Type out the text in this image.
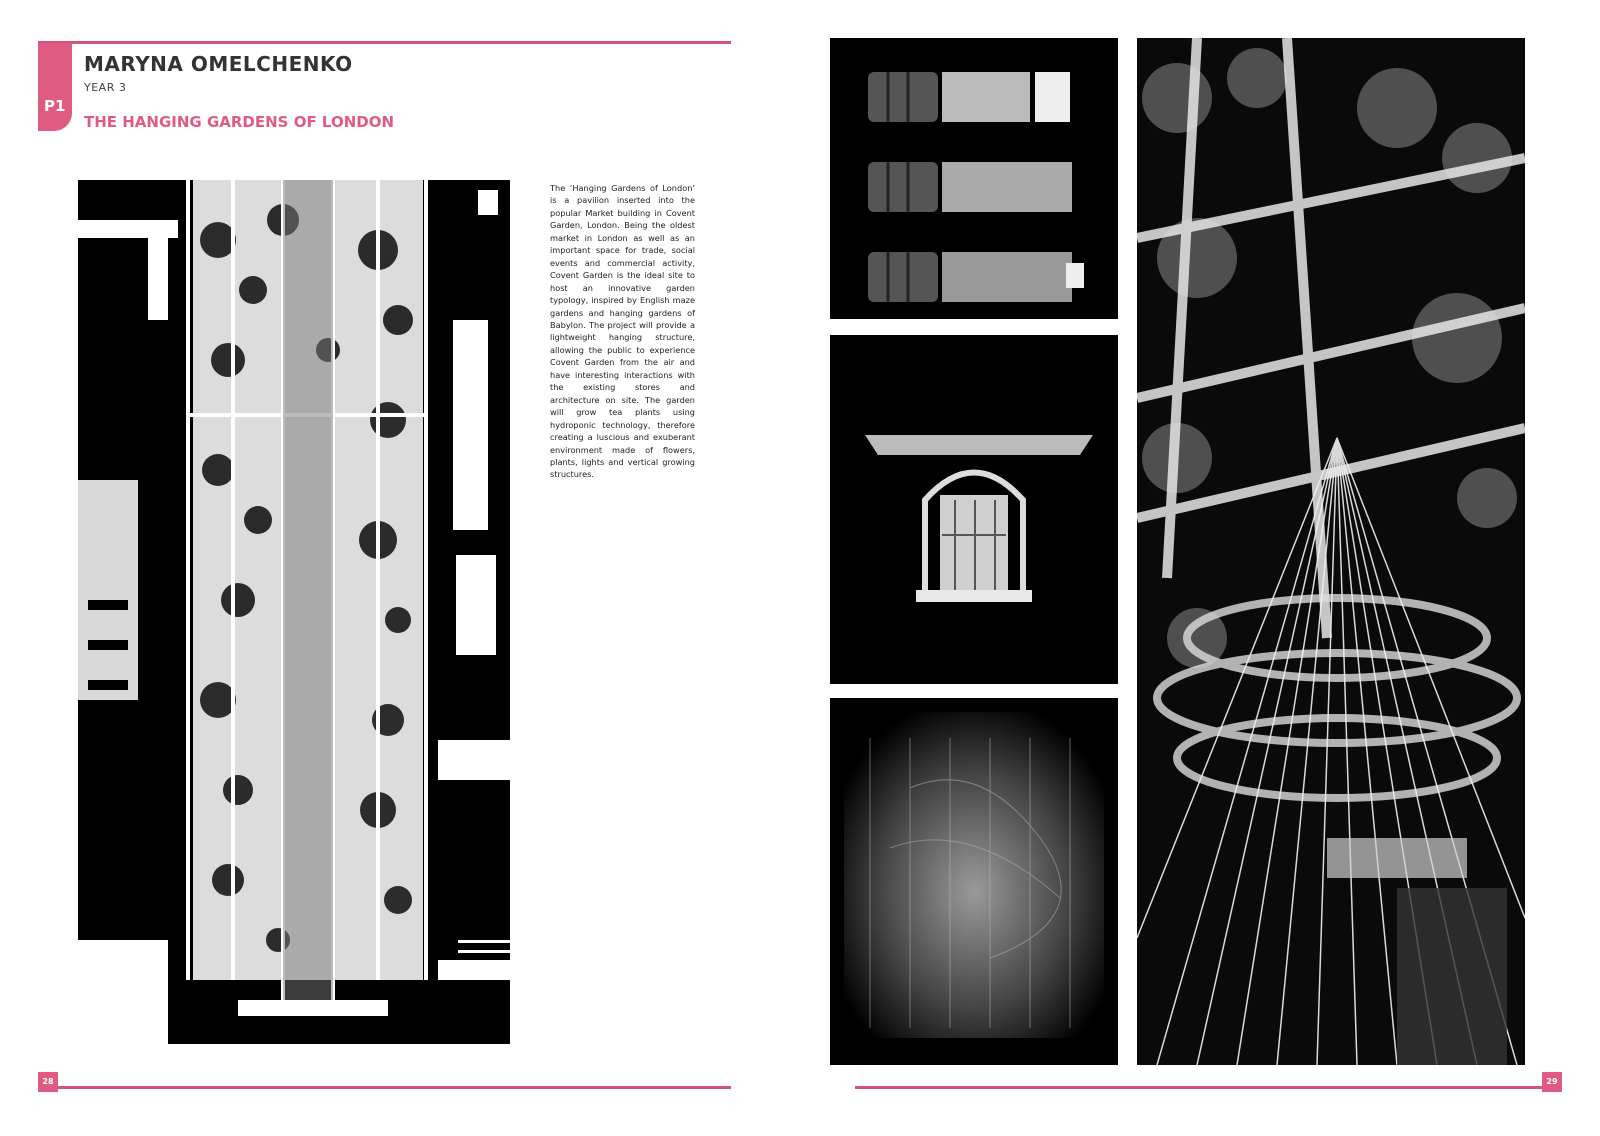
P1
MARYNA OMELCHENKO
YEAR 3
THE HANGING GARDENS OF LONDON
The ‘Hanging Gardens of London’ is a pavilion inserted into the popular Market building in Covent Garden, London. Being the oldest market in London as well as an important space for trade, social events and commercial activity, Covent Garden is the ideal site to host an innovative garden typology, inspired by English maze gardens and hanging gardens of Babylon. The project will provide a lightweight hanging structure, allowing the public to experience Covent Garden from the air and have interesting interactions with the existing stores and architecture on site. The garden will grow tea plants using hydroponic technology, therefore creating a luscious and exuberant environment made of flowers, plants, lights and vertical growing structures.
28	29
